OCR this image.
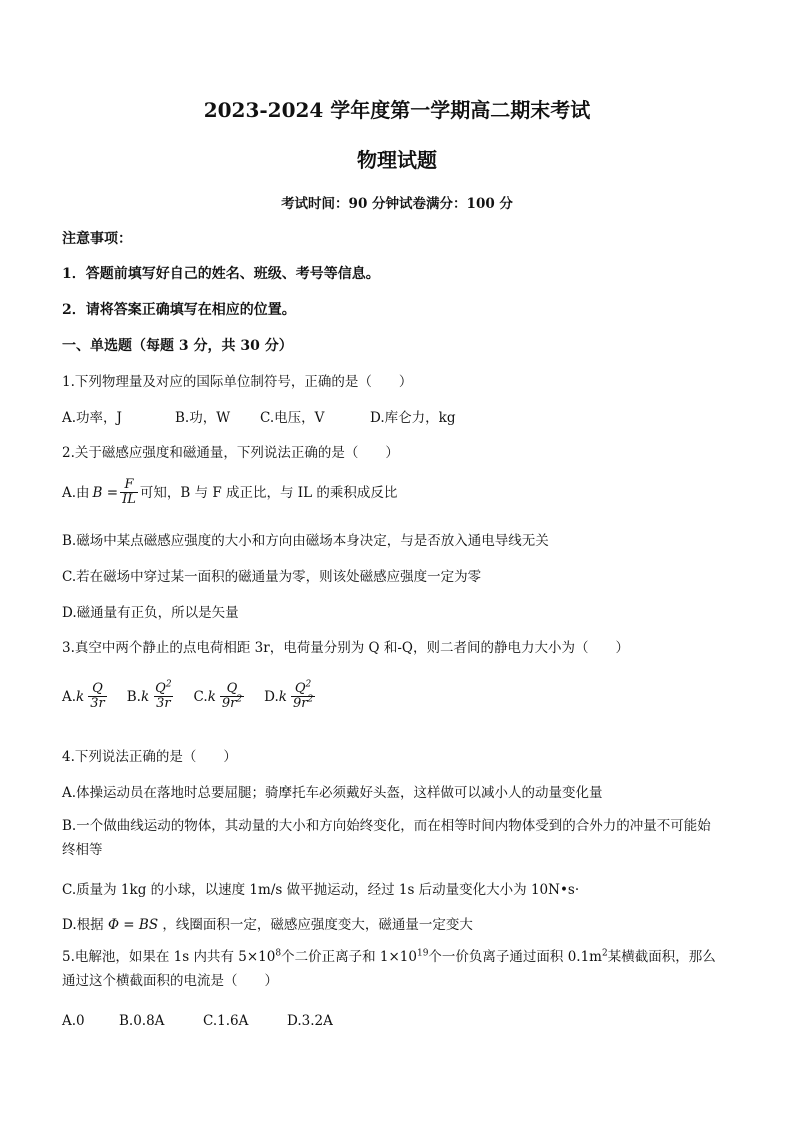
2023-2024 学年度第一学期高二期末考试
物理试题
考试时间：90 分钟试卷满分：100 分
注意事项：
1．答题前填写好自己的姓名、班级、考号等信息。
2．请将答案正确填写在相应的位置。
一、单选题（每题 3 分，共 30 分）
1.下列物理量及对应的国际单位制符号，正确的是（　　）
A.功率，J	B.功，W C.电压，V	D.库仑力，kg
2.关于磁感应强度和磁通量，下列说法正确的是（　　）
A.由 $B = \frac{F}{IL}$ 可知，B 与 F 成正比，与 IL 的乘积成反比
B.磁场中某点磁感应强度的大小和方向由磁场本身决定，与是否放入通电导线无关
C.若在磁场中穿过某一面积的磁通量为零，则该处磁感应强度一定为零
D.磁通量有正负，所以是矢量
3.真空中两个静止的点电荷相距 3r，电荷量分别为 Q 和-Q，则二者间的静电力大小为（　　）
A. k $\frac{Q}{3r} B$. k $\frac{Q^2}{3r} C$. k $\frac{Q}{9r^2} D$. k $\frac{Q^2}{9r^2}$
4.下列说法正确的是（　　）
A.体操运动员在落地时总要屈腿；骑摩托车必须戴好头盔，这样做可以减小人的动量变化量
B.一个做曲线运动的物体，其动量的大小和方向始终变化，而在相等时间内物体受到的合外力的冲量不可能始终相等
C.质量为 1kg 的小球，以速度 1m/s 做平抛运动，经过 1s 后动量变化大小为 10N•s·
D.根据 Φ = BS ，线圈面积一定，磁感应强度变大，磁通量一定变大
5.电解池，如果在 1s 内共有 $5\times 10^8$个二价正离子和 $1\times 10^{19}$个一价负离子通过面积 $0.1m^2$某横截面积，那么通过这个横截面积的电流是（　　）
A.0	B.0.8A	C.1.6A	D.3.2A
